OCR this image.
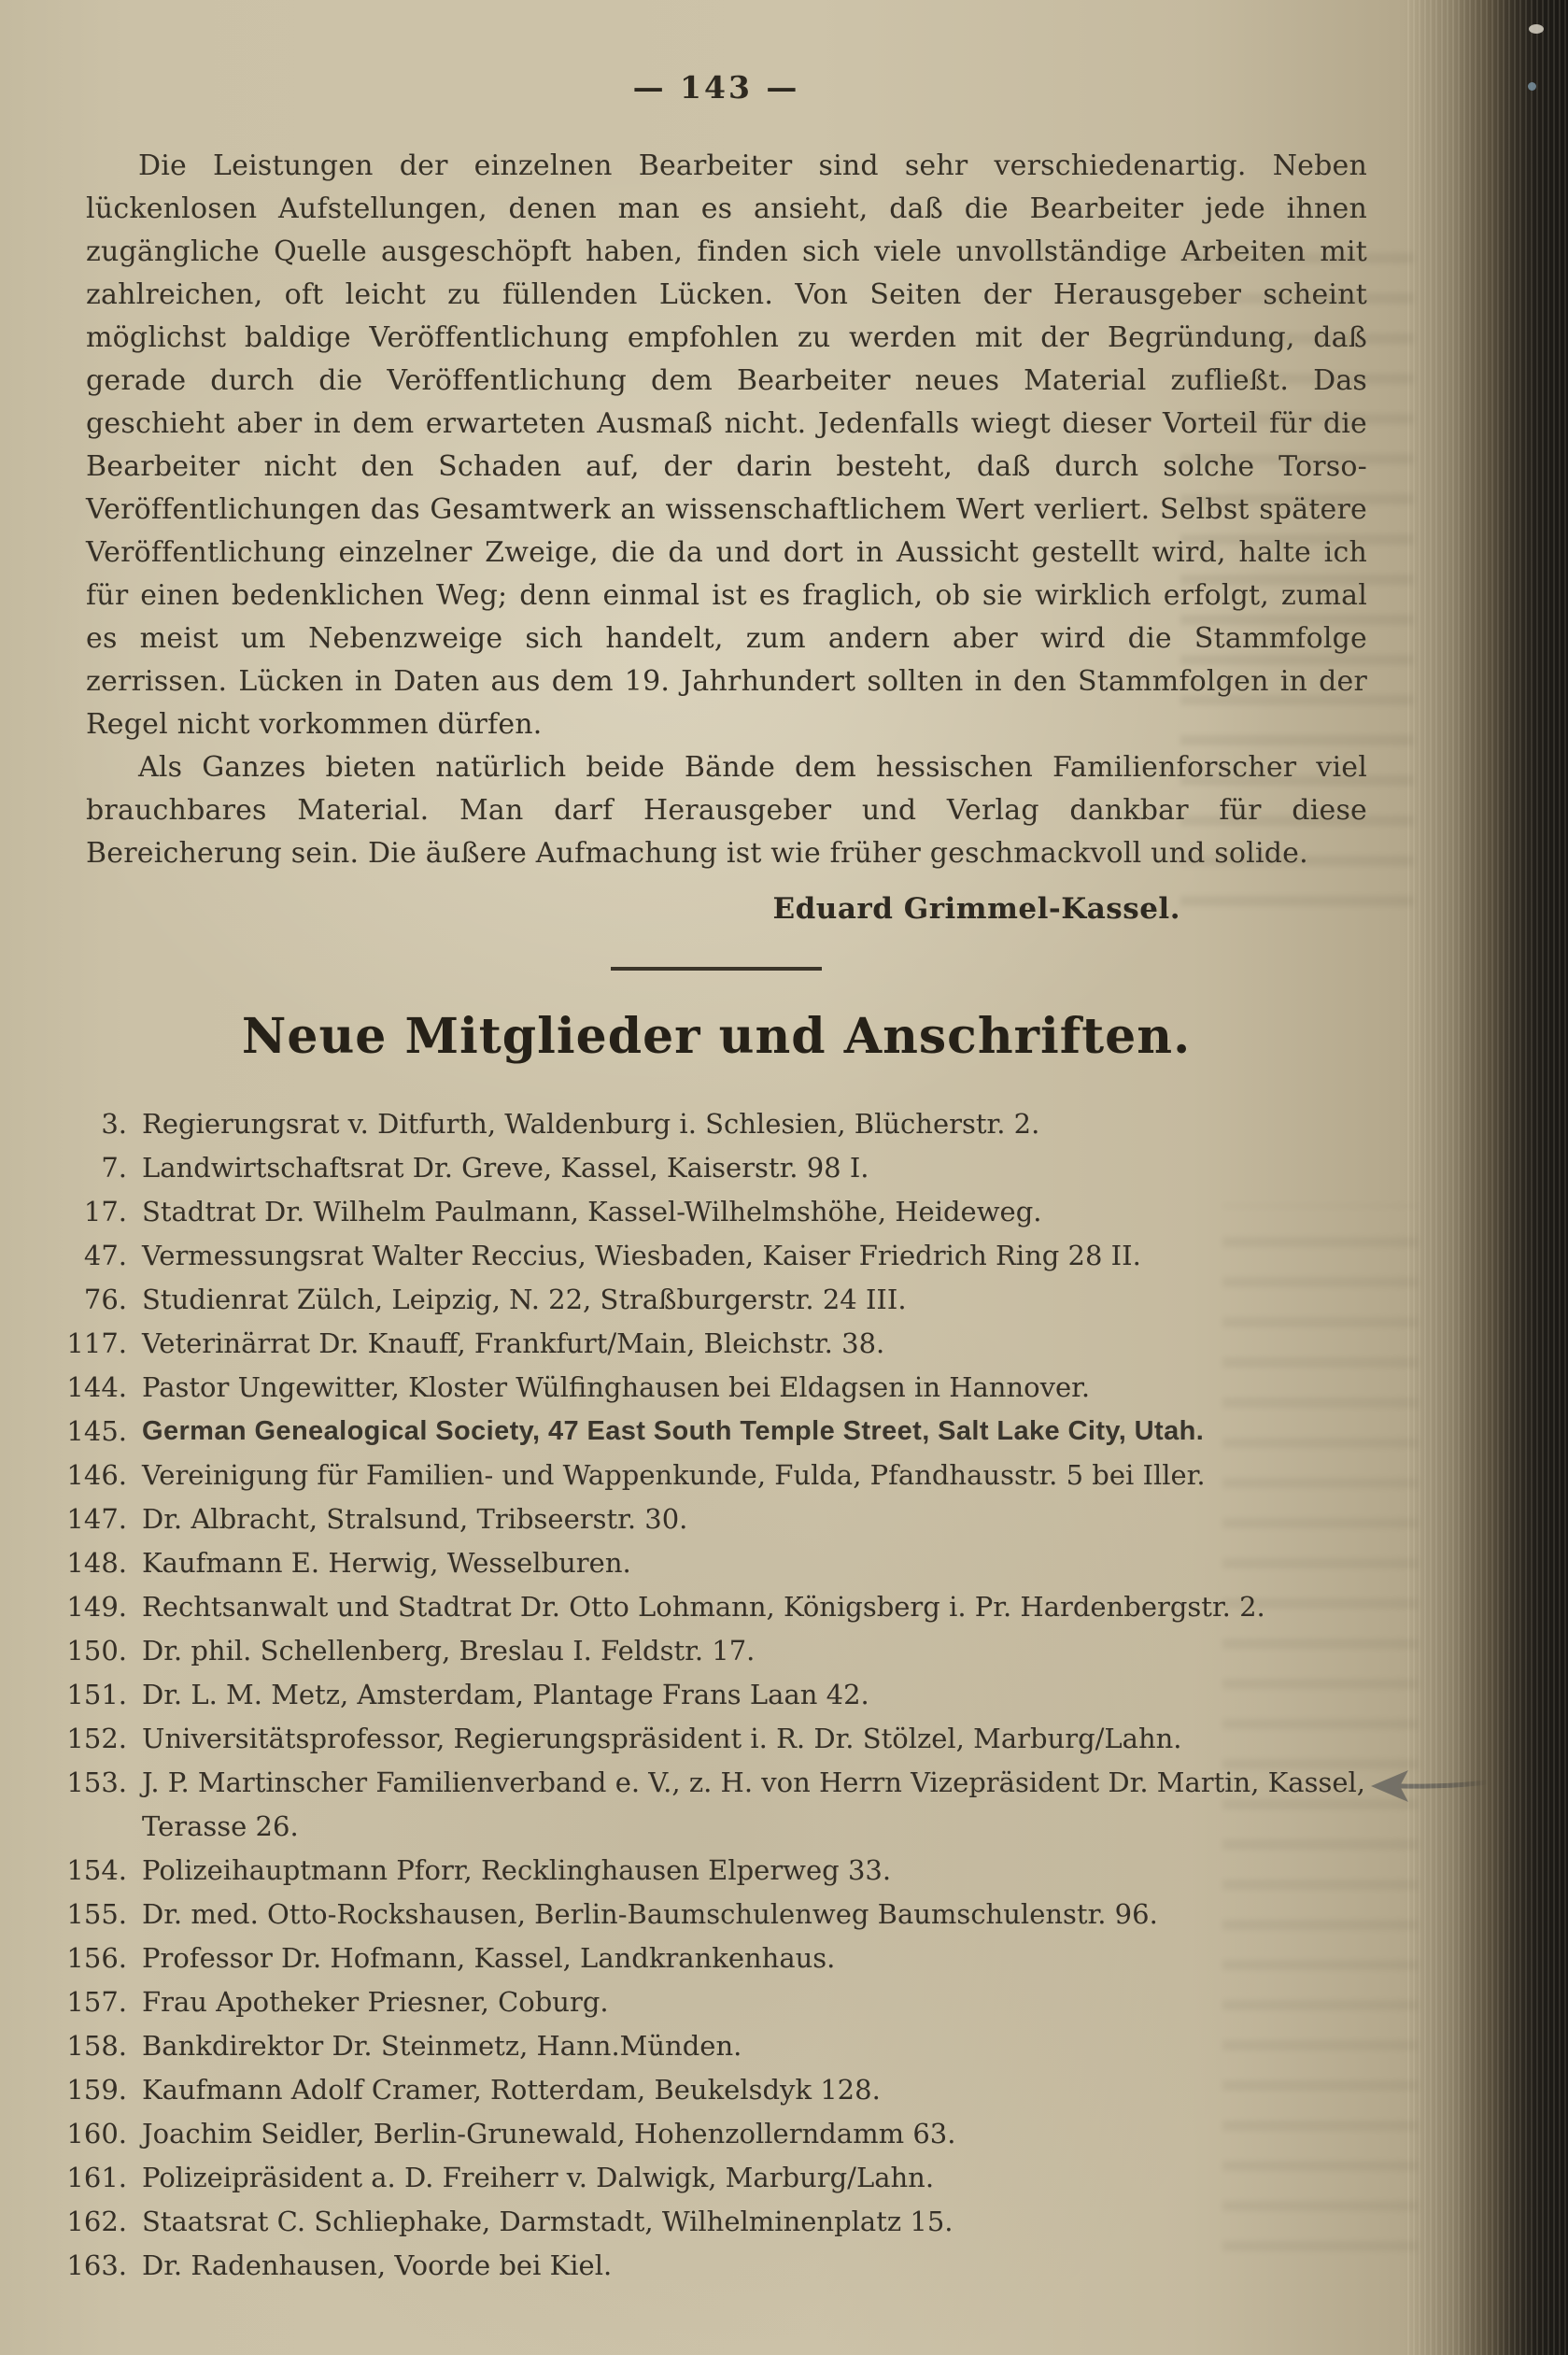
— 143 —

Die Leistungen der einzelnen Bearbeiter sind sehr verschiedenartig. Neben lückenlosen Aufstellungen, denen man es ansieht, daß die Bearbeiter jede ihnen zugängliche Quelle ausgeschöpft haben, finden sich viele unvollständige Arbeiten mit zahlreichen, oft leicht zu füllenden Lücken. Von Seiten der Herausgeber scheint möglichst baldige Veröffentlichung empfohlen zu werden mit der Begründung, daß gerade durch die Veröffentlichung dem Bearbeiter neues Material zufließt. Das geschieht aber in dem erwarteten Ausmaß nicht. Jedenfalls wiegt dieser Vorteil für die Bearbeiter nicht den Schaden auf, der darin besteht, daß durch solche Torso-Veröffentlichungen das Gesamtwerk an wissenschaftlichem Wert verliert. Selbst spätere Veröffentlichung einzelner Zweige, die da und dort in Aussicht gestellt wird, halte ich für einen bedenklichen Weg; denn einmal ist es fraglich, ob sie wirklich erfolgt, zumal es meist um Nebenzweige sich handelt, zum andern aber wird die Stammfolge zerrissen. Lücken in Daten aus dem 19. Jahrhundert sollten in den Stammfolgen in der Regel nicht vorkommen dürfen.

Als Ganzes bieten natürlich beide Bände dem hessischen Familienforscher viel brauchbares Material. Man darf Herausgeber und Verlag dankbar für diese Bereicherung sein. Die äußere Aufmachung ist wie früher geschmackvoll und solide.

Eduard Grimmel-Kassel.
Neue Mitglieder und Anschriften.
3. Regierungsrat v. Ditfurth, Waldenburg i. Schlesien, Blücherstr. 2.
7. Landwirtschaftsrat Dr. Greve, Kassel, Kaiserstr. 98 I.
17. Stadtrat Dr. Wilhelm Paulmann, Kassel-Wilhelmshöhe, Heideweg.
47. Vermessungsrat Walter Reccius, Wiesbaden, Kaiser Friedrich Ring 28 II.
76. Studienrat Zülch, Leipzig, N. 22, Straßburgerstr. 24 III.
117. Veterinärrat Dr. Knauff, Frankfurt/Main, Bleichstr. 38.
144. Pastor Ungewitter, Kloster Wülfinghausen bei Eldagsen in Hannover.
145. German Genealogical Society, 47 East South Temple Street, Salt Lake City, Utah.
146. Vereinigung für Familien- und Wappenkunde, Fulda, Pfandhausstr. 5 bei Iller.
147. Dr. Albracht, Stralsund, Tribseerstr. 30.
148. Kaufmann E. Herwig, Wesselburen.
149. Rechtsanwalt und Stadtrat Dr. Otto Lohmann, Königsberg i. Pr. Hardenbergstr. 2.
150. Dr. phil. Schellenberg, Breslau I. Feldstr. 17.
151. Dr. L. M. Metz, Amsterdam, Plantage Frans Laan 42.
152. Universitätsprofessor, Regierungspräsident i. R. Dr. Stölzel, Marburg/Lahn.
153. J. P. Martinscher Familienverband e. V., z. H. von Herrn Vizepräsident Dr. Martin, Kassel, Terasse 26.
154. Polizeihauptmann Pforr, Recklinghausen Elperweg 33.
155. Dr. med. Otto-Rockshausen, Berlin-Baumschulenweg Baumschulenstr. 96.
156. Professor Dr. Hofmann, Kassel, Landkrankenhaus.
157. Frau Apotheker Priesner, Coburg.
158. Bankdirektor Dr. Steinmetz, Hann.Münden.
159. Kaufmann Adolf Cramer, Rotterdam, Beukelsdyk 128.
160. Joachim Seidler, Berlin-Grunewald, Hohenzollerndamm 63.
161. Polizeipräsident a. D. Freiherr v. Dalwigk, Marburg/Lahn.
162. Staatsrat C. Schliephake, Darmstadt, Wilhelminenplatz 15.
163. Dr. Radenhausen, Voorde bei Kiel.
